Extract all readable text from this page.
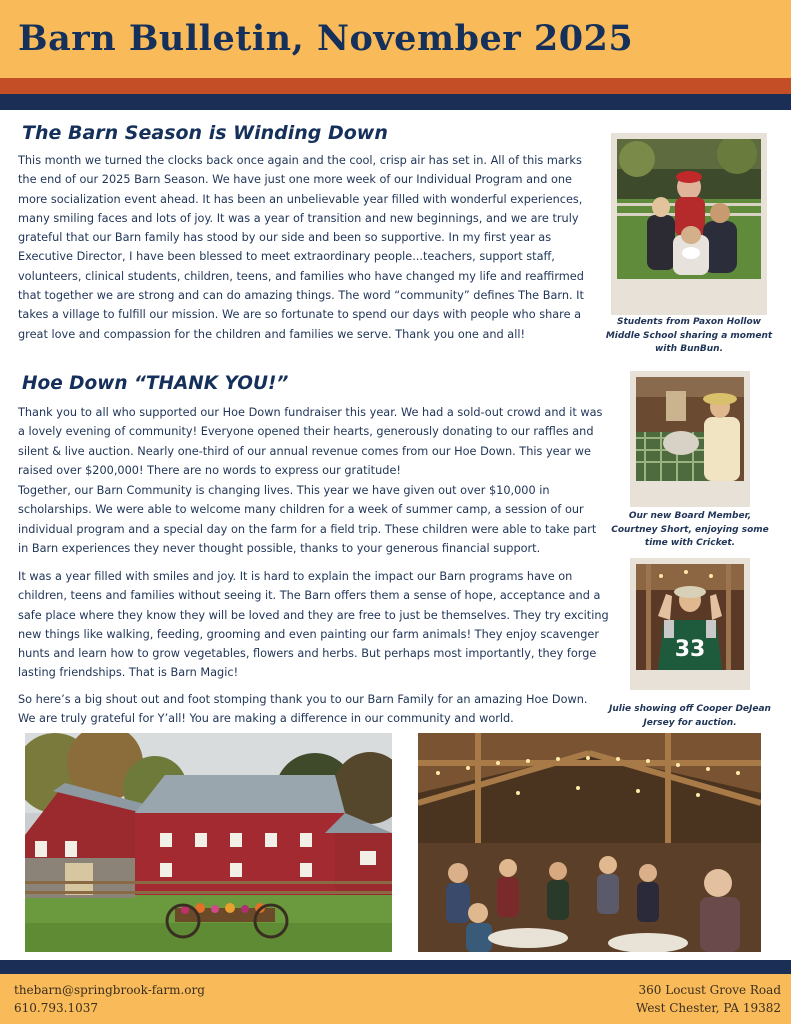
Barn Bulletin, November 2025
The Barn Season is Winding Down

This month we turned the clocks back once again and the cool, crisp air has set in. All of this marks the end of our 2025 Barn Season. We have just one more week of our Individual Program and one more socialization event ahead. It has been an unbelievable year filled with wonderful experiences, many smiling faces and lots of joy. It was a year of transition and new beginnings, and we are truly grateful that our Barn family has stood by our side and been so supportive. In my first year as Executive Director, I have been blessed to meet extraordinary people...teachers, support staff, volunteers, clinical students, children, teens, and families who have changed my life and reaffirmed that together we are strong and can do amazing things. The word “community” defines The Barn. It takes a village to fulfill our mission. We are so fortunate to spend our days with people who share a great love and compassion for the children and families we serve. Thank you one and all!

Hoe Down “THANK YOU!”

Thank you to all who supported our Hoe Down fundraiser this year. We had a sold-out crowd and it was a lovely evening of community! Everyone opened their hearts, generously donating to our raffles and silent & live auction. Nearly one-third of our annual revenue comes from our Hoe Down. This year we raised over $200,000! There are no words to express our gratitude!

Together, our Barn Community is changing lives. This year we have given out over $10,000 in scholarships. We were able to welcome many children for a week of summer camp, a session of our individual program and a special day on the farm for a field trip. These children were able to take part in Barn experiences they never thought possible, thanks to your generous financial support.

It was a year filled with smiles and joy. It is hard to explain the impact our Barn programs have on children, teens and families without seeing it. The Barn offers them a sense of hope, acceptance and a safe place where they know they will be loved and they are free to just be themselves. They try exciting new things like walking, feeding, grooming and even painting our farm animals! They enjoy scavenger hunts and learn how to grow vegetables, flowers and herbs. But perhaps most importantly, they forge lasting friendships. That is Barn Magic!

So here’s a big shout out and foot stomping thank you to our Barn Family for an amazing Hoe Down. We are truly grateful for Y’all! You are making a difference in our community and world.

Students from Paxon Hollow Middle School sharing a moment with BunBun.
Our new Board Member, Courtney Short, enjoying some time with Cricket.
33
Julie showing off Cooper DeJean Jersey for auction.
thebarn@springbrook-farm.org
610.793.1037
360 Locust Grove Road
West Chester, PA 19382
